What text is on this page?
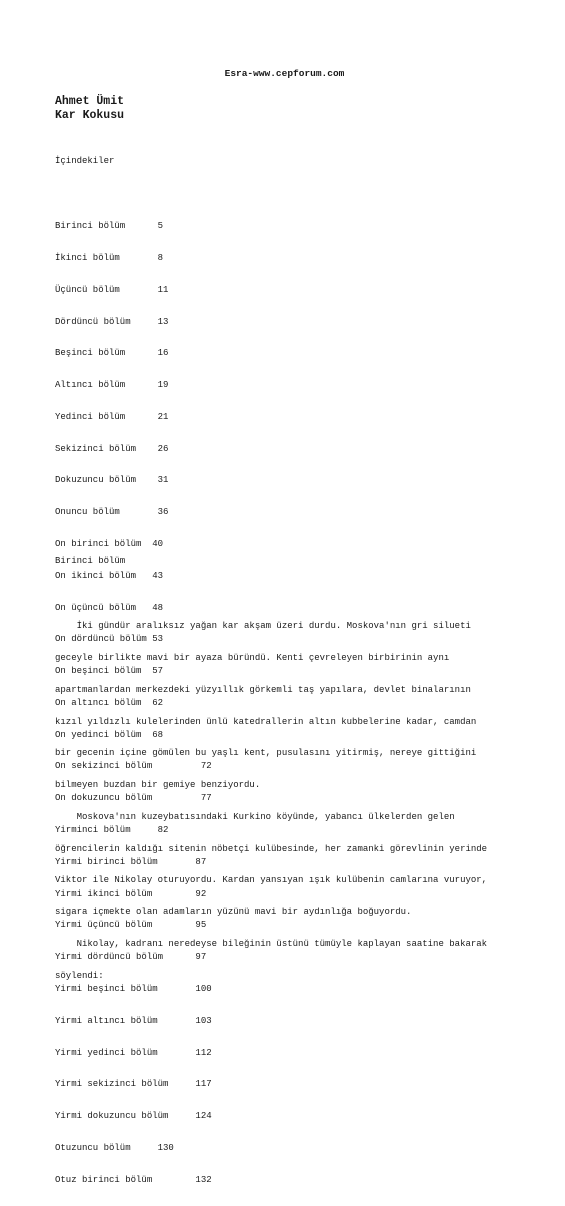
Esra-www.cepforum.com
Ahmet Ümit
Kar Kokusu
İçindekiler

Birinci bölüm      5

İkinci bölüm       8

Üçüncü bölüm       11

Dördüncü bölüm     13

Beşinci bölüm      16

Altıncı bölüm      19

Yedinci bölüm      21

Sekizinci bölüm    26

Dokuzuncu bölüm    31

Onuncu bölüm       36

On birinci bölüm  40

On ikinci bölüm   43

On üçüncü bölüm   48

On dördüncü bölüm 53

On beşinci bölüm  57

On altıncı bölüm  62

On yedinci bölüm  68

On sekizinci bölüm         72

On dokuzuncu bölüm         77

Yirminci bölüm     82

Yirmi birinci bölüm       87

Yirmi ikinci bölüm        92

Yirmi üçüncü bölüm        95

Yirmi dördüncü bölüm      97

Yirmi beşinci bölüm       100

Yirmi altıncı bölüm       103

Yirmi yedinci bölüm       112

Yirmi sekizinci bölüm     117

Yirmi dokuzuncu bölüm     124

Otuzuncu bölüm     130

Otuz birinci bölüm        132

Birinci bölüm

İki gündür aralıksız yağan kar akşam üzeri durdu. Moskova'nın gri silueti

geceyle birlikte mavi bir ayaza büründü. Kenti çevreleyen birbirinin aynı

apartmanlardan merkezdeki yüzyıllık görkemli taş yapılara, devlet binalarının

kızıl yıldızlı kulelerinden ünlü katedrallerin altın kubbelerine kadar, camdan

bir gecenin içine gömülen bu yaşlı kent, pusulasını yitirmiş, nereye gittiğini

bilmeyen buzdan bir gemiye benziyordu.

Moskova'nın kuzeybatısındaki Kurkino köyünde, yabancı ülkelerden gelen

öğrencilerin kaldığı sitenin nöbetçi kulübesinde, her zamanki görevlinin yerinde

Viktor ile Nikolay oturuyordu. Kardan yansıyan ışık kulübenin camlarına vuruyor,

sigara içmekte olan adamların yüzünü mavi bir aydınlığa boğuyordu.

Nikolay, kadranı neredeyse bileğinin üstünü tümüyle kaplayan saatine bakarak

söylendi:
